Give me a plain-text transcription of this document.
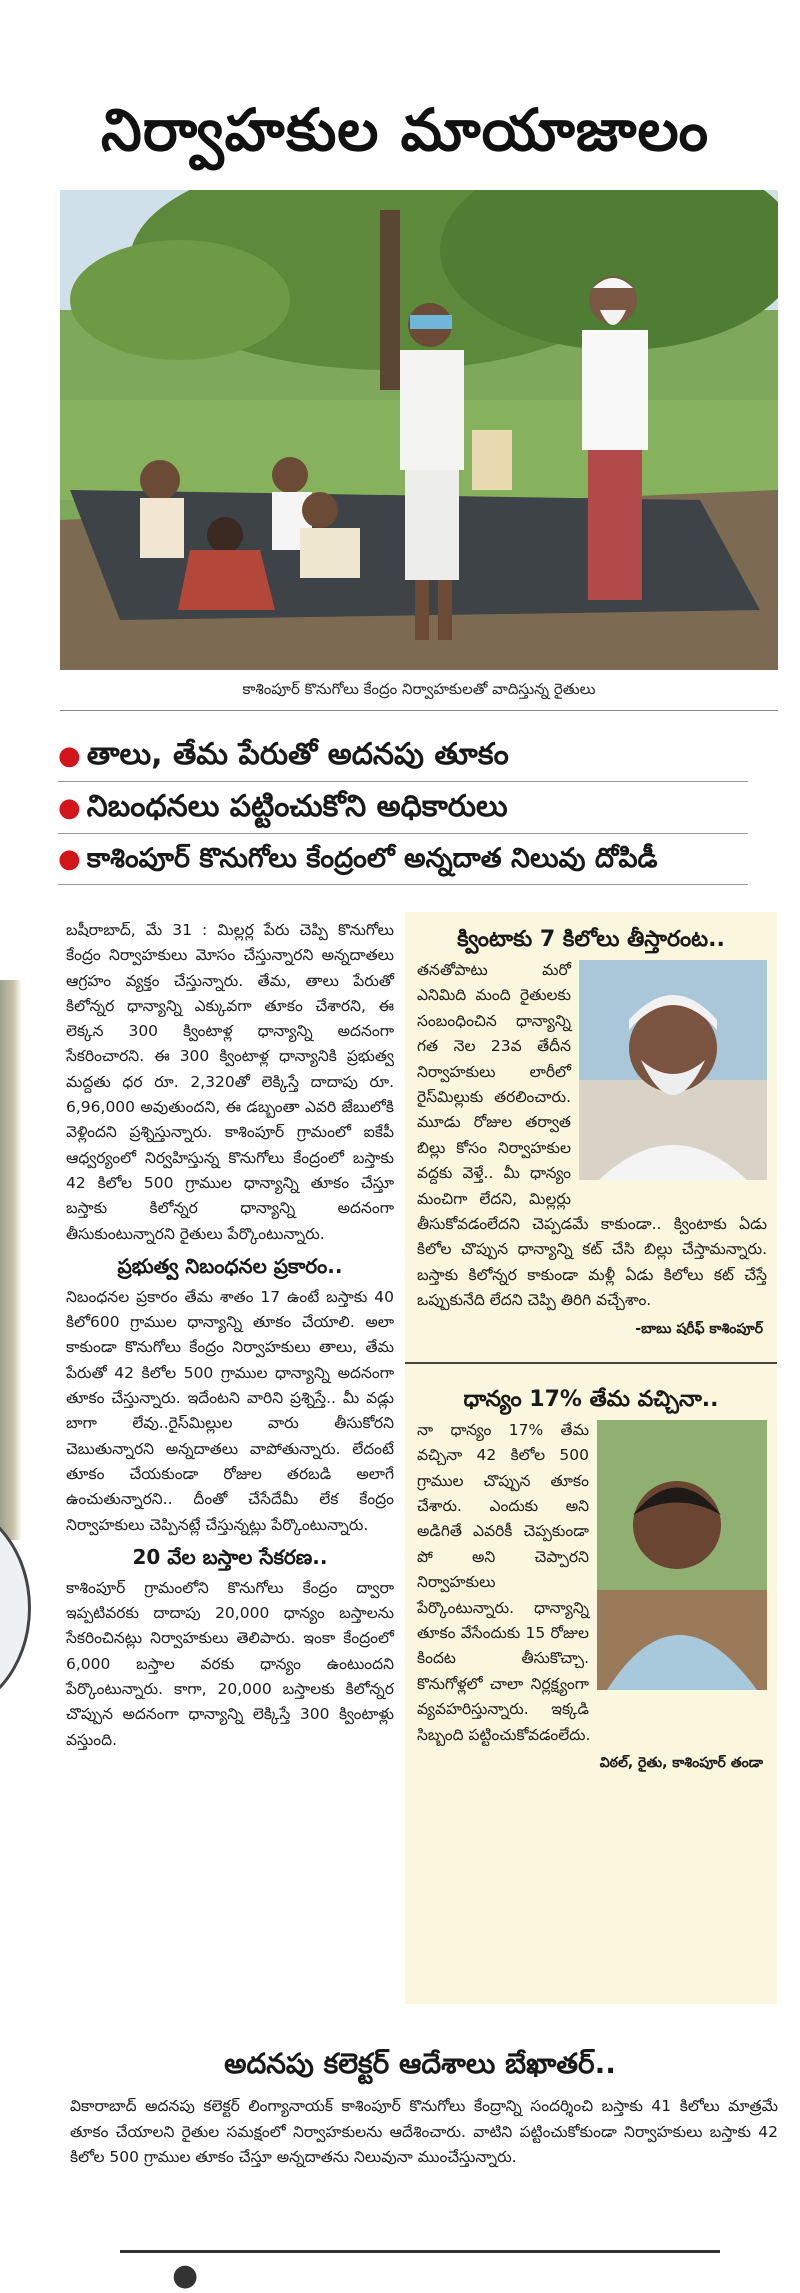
నిర్వాహకుల మాయాజాలం
కాశింపూర్ కొనుగోలు కేంద్రం నిర్వాహకులతో వాదిస్తున్న రైతులు
● తాలు, తేమ పేరుతో అదనపు తూకం
● నిబంధనలు పట్టించుకోని అధికారులు
● కాశింపూర్ కొనుగోలు కేంద్రంలో అన్నదాత నిలువు దోపిడీ

బషీరాబాద్, మే 31 : మిల్లర్ల పేరు చెప్పి కొనుగోలు కేంద్రం నిర్వాహకులు మోసం చేస్తున్నారని అన్నదాతలు ఆగ్రహం వ్యక్తం చేస్తున్నారు. తేమ, తాలు పేరుతో కిలోన్నర ధాన్యాన్ని ఎక్కువగా తూకం చేశారని, ఈ లెక్కన 300 క్వింటాళ్ల ధాన్యాన్ని అదనంగా సేకరించారని. ఈ 300 క్వింటాళ్ల ధాన్యానికి ప్రభుత్వ మద్దతు ధర రూ. 2,320తో లెక్కిస్తే దాదాపు రూ. 6,96,000 అవుతుందని, ఈ డబ్బంతా ఎవరి జేబులోకి వెళ్లిందని ప్రశ్నిస్తున్నారు. కాశింపూర్ గ్రామంలో ఐకేపీ ఆధ్వర్యంలో నిర్వహిస్తున్న కొనుగోలు కేంద్రంలో బస్తాకు 42 కిలోల 500 గ్రాముల ధాన్యాన్ని తూకం చేస్తూ బస్తాకు కిలోన్నర ధాన్యాన్ని అదనంగా తీసుకుంటున్నారని రైతులు పేర్కొంటున్నారు.

ప్రభుత్వ నిబంధనల ప్రకారం..

నిబంధనల ప్రకారం తేమ శాతం 17 ఉంటే బస్తాకు 40 కిలో600 గ్రాముల ధాన్యాన్ని తూకం చేయాలి. అలా కాకుండా కొనుగోలు కేంద్రం నిర్వాహకులు తాలు, తేమ పేరుతో 42 కిలోల 500 గ్రాముల ధాన్యాన్ని అదనంగా తూకం చేస్తున్నారు. ఇదేంటని వారిని ప్రశ్నిస్తే.. మీ వడ్లు బాగా లేవు..రైస్‌మిల్లుల వారు తీసుకోరని చెబుతున్నారని అన్నదాతలు వాపోతున్నారు. లేదంటే తూకం చేయకుండా రోజుల తరబడి అలాగే ఉంచుతున్నారని.. దీంతో చేసేదేమీ లేక కేంద్రం నిర్వాహకులు చెప్పినట్లే చేస్తున్నట్లు పేర్కొంటున్నారు.

20 వేల బస్తాల సేకరణ..

కాశింపూర్ గ్రామంలోని కొనుగోలు కేంద్రం ద్వారా ఇప్పటివరకు దాదాపు 20,000 ధాన్యం బస్తాలను సేకరించినట్లు నిర్వాహకులు తెలిపారు. ఇంకా కేంద్రంలో 6,000 బస్తాల వరకు ధాన్యం ఉంటుందని పేర్కొంటున్నారు. కాగా, 20,000 బస్తాలకు కిలోన్నర చొప్పున అదనంగా ధాన్యాన్ని లెక్కిస్తే 300 క్వింటాళ్లు వస్తుంది.

క్వింటాకు 7 కిలోలు తీస్తారంట..
తనతోపాటు మరో ఎనిమిది మంది రైతులకు సంబంధించిన ధాన్యాన్ని గత నెల 23వ తేదీన నిర్వాహకులు లారీలో రైస్‌మిల్లుకు తరలించారు. మూడు రోజుల తర్వాత బిల్లు కోసం నిర్వాహకుల వద్దకు వెళ్తే.. మీ ధాన్యం మంచిగా లేదని, మిల్లర్లు తీసుకోవడంలేదని చెప్పడమే కాకుండా.. క్వింటాకు ఏడు కిలోల చొప్పున ధాన్యాన్ని కట్ చేసి బిల్లు చేస్తామన్నారు. బస్తాకు కిలోన్నర కాకుండా మళ్లీ ఏడు కిలోలు కట్ చేస్తే ఒప్పుకునేది లేదని చెప్పి తిరిగి వచ్చేశాం.
-బాబు షరీఫ్ కాశింపూర్
ధాన్యం 17% తేమ వచ్చినా..
నా ధాన్యం 17% తేమ వచ్చినా 42 కిలోల 500 గ్రాముల చొప్పున తూకం చేశారు. ఎందుకు అని అడిగితే ఎవరికీ చెప్పకుండా పో అని చెప్పారని నిర్వాహకులు పేర్కొంటున్నారు. ధాన్యాన్ని తూకం వేసేందుకు 15 రోజుల కిందట తీసుకొచ్చా. కొనుగోళ్లలో చాలా నిర్లక్ష్యంగా వ్యవహరిస్తున్నారు. ఇక్కడి సిబ్బంది పట్టించుకోవడంలేదు.
విఠల్, రైతు, కాశింపూర్ తండా
అదనపు కలెక్టర్ ఆదేశాలు బేఖాతర్..
వికారాబాద్ అదనపు కలెక్టర్ లింగ్యానాయక్ కాశింపూర్ కొనుగోలు కేంద్రాన్ని సందర్శించి బస్తాకు 41 కిలోలు మాత్రమే తూకం చేయాలని రైతుల సమక్షంలో నిర్వాహకులను ఆదేశించారు. వాటిని పట్టించుకోకుండా నిర్వాహకులు బస్తాకు 42 కిలోల 500 గ్రాముల తూకం చేస్తూ అన్నదాతను నిలువునా ముంచేస్తున్నారు.
●
